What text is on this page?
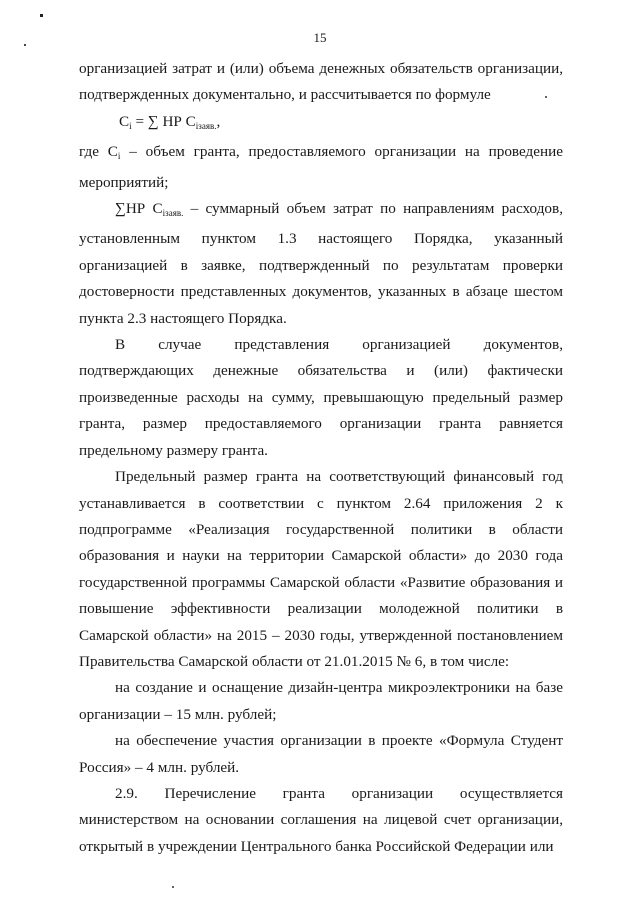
15

организацией затрат и (или) объема денежных обязательств организации, подтвержденных документально, и рассчитывается по формуле

$C_i$ = ∑ НР $C_{iзаяв.}$,

где $C_i$ – объем гранта, предоставляемого организации на проведение мероприятий;

∑НР $C_{iзаяв.}$ – суммарный объем затрат по направлениям расходов, установленным пунктом 1.3 настоящего Порядка, указанный организацией в заявке, подтвержденный по результатам проверки достоверности представленных документов, указанных в абзаце шестом пункта 2.3 настоящего Порядка.

В случае представления организацией документов, подтверждающих денежные обязательства и (или) фактически произведенные расходы на сумму, превышающую предельный размер гранта, размер предоставляемого организации гранта равняется предельному размеру гранта.

Предельный размер гранта на соответствующий финансовый год устанавливается в соответствии с пунктом 2.64 приложения 2 к подпрограмме «Реализация государственной политики в области образования и науки на территории Самарской области» до 2030 года государственной программы Самарской области «Развитие образования и повышение эффективности реализации молодежной политики в Самарской области» на 2015 – 2030 годы, утвержденной постановлением Правительства Самарской области от 21.01.2015 № 6, в том числе:

на создание и оснащение дизайн-центра микроэлектроники на базе организации – 15 млн. рублей;

на обеспечение участия организации в проекте «Формула Студент Россия» – 4 млн. рублей.

2.9. Перечисление гранта организации осуществляется министерством на основании соглашения на лицевой счет организации, открытый в учреждении Центрального банка Российской Федерации или
